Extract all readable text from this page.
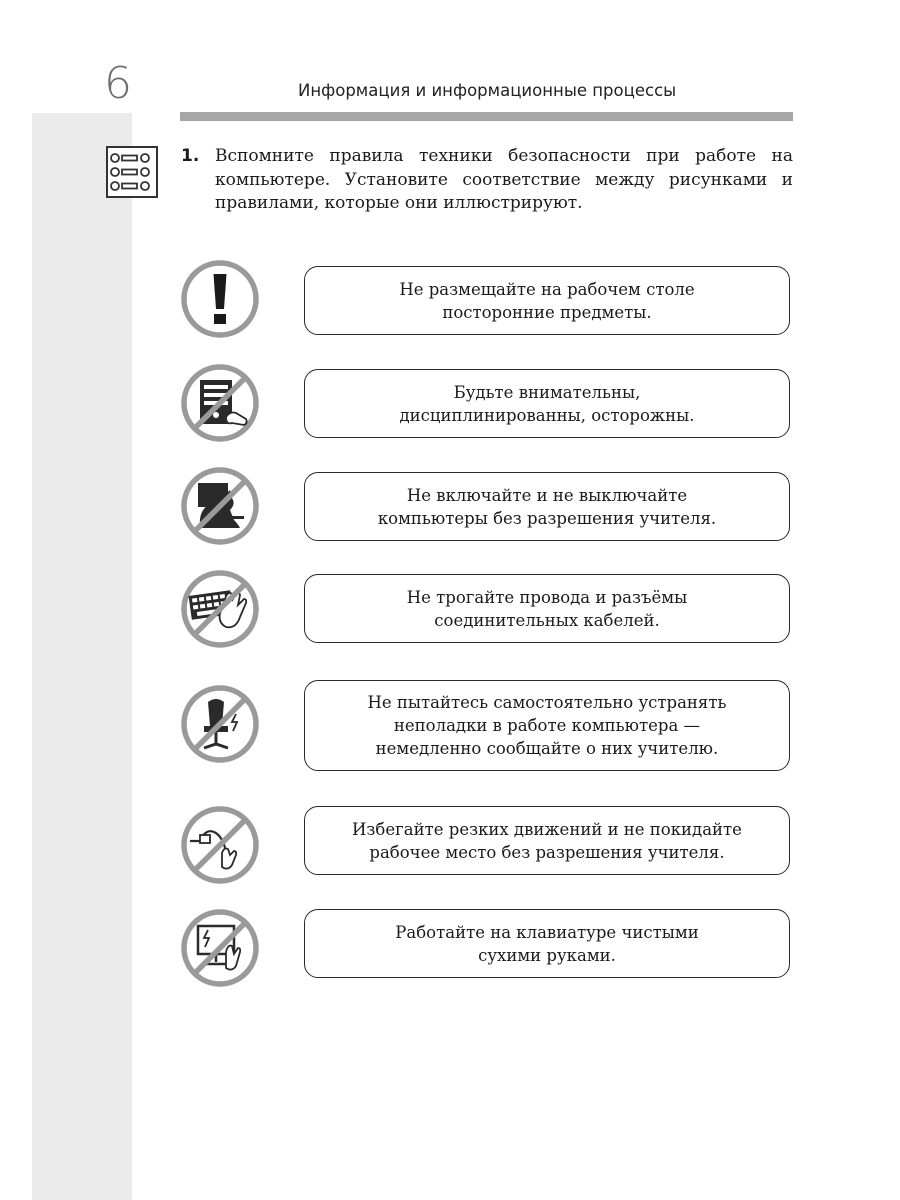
6	Информация и информационные процессы
1. Вспомните правила техники безопасности при работе на компьютере. Установите соответствие между рисунками и правилами, которые они иллюстрируют.
Не размещайте на рабочем столе
посторонние предметы.
Будьте внимательны,
дисциплинированны, осторожны.
Не включайте и не выключайте
компьютеры без разрешения учителя.
Не трогайте провода и разъёмы
соединительных кабелей.
Не пытайтесь самостоятельно устранять
неполадки в работе компьютера —
немедленно сообщайте о них учителю.
Избегайте резких движений и не покидайте
рабочее место без разрешения учителя.
Работайте на клавиатуре чистыми
сухими руками.
